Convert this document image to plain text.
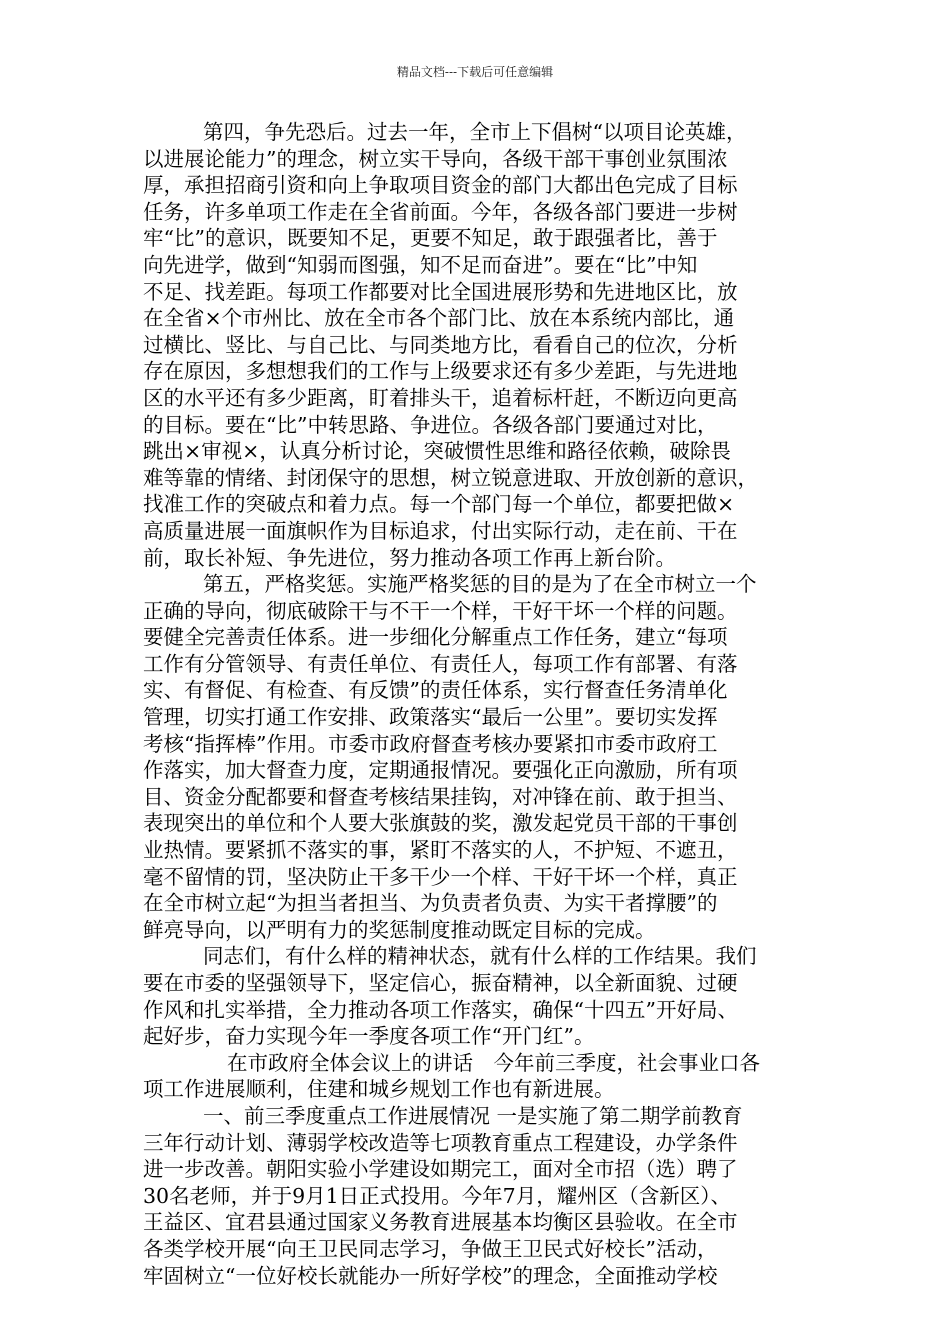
精品文档---下载后可任意编辑
第四，争先恐后。过去一年，全市上下倡树“以项目论英雄，
以进展论能力”的理念，树立实干导向，各级干部干事创业氛围浓
厚，承担招商引资和向上争取项目资金的部门大都出色完成了目标
任务，许多单项工作走在全省前面。今年，各级各部门要进一步树
牢“比”的意识，既要知不足，更要不知足，敢于跟强者比，善于
向先进学，做到“知弱而图强，知不足而奋进”。要在“比”中知
不足、找差距。每项工作都要对比全国进展形势和先进地区比，放
在全省×个市州比、放在全市各个部门比、放在本系统内部比，通
过横比、竖比、与自己比、与同类地方比，看看自己的位次，分析
存在原因，多想想我们的工作与上级要求还有多少差距，与先进地
区的水平还有多少距离，盯着排头干，追着标杆赶，不断迈向更高
的目标。要在“比”中转思路、争进位。各级各部门要通过对比，
跳出×审视×，认真分析讨论，突破惯性思维和路径依赖，破除畏
难等靠的情绪、封闭保守的思想，树立锐意进取、开放创新的意识，
找准工作的突破点和着力点。每一个部门每一个单位，都要把做×
高质量进展一面旗帜作为目标追求，付出实际行动，走在前、干在
前，取长补短、争先进位，努力推动各项工作再上新台阶。
第五，严格奖惩。实施严格奖惩的目的是为了在全市树立一个
正确的导向，彻底破除干与不干一个样，干好干坏一个样的问题。
要健全完善责任体系。进一步细化分解重点工作任务，建立“每项
工作有分管领导、有责任单位、有责任人，每项工作有部署、有落
实、有督促、有检查、有反馈”的责任体系，实行督查任务清单化
管理，切实打通工作安排、政策落实“最后一公里”。要切实发挥
考核“指挥棒”作用。市委市政府督查考核办要紧扣市委市政府工
作落实，加大督查力度，定期通报情况。要强化正向激励，所有项
目、资金分配都要和督查考核结果挂钩，对冲锋在前、敢于担当、
表现突出的单位和个人要大张旗鼓的奖，激发起党员干部的干事创
业热情。要紧抓不落实的事，紧盯不落实的人，不护短、不遮丑，
毫不留情的罚，坚决防止干多干少一个样、干好干坏一个样，真正
在全市树立起“为担当者担当、为负责者负责、为实干者撑腰”的
鲜亮导向，以严明有力的奖惩制度推动既定目标的完成。
同志们，有什么样的精神状态，就有什么样的工作结果。我们
要在市委的坚强领导下，坚定信心，振奋精神，以全新面貌、过硬
作风和扎实举措，全力推动各项工作落实，确保“十四五”开好局、
起好步，奋力实现今年一季度各项工作“开门红”。
在市政府全体会议上的讲话　今年前三季度，社会事业口各
项工作进展顺利，住建和城乡规划工作也有新进展。
一、前三季度重点工作进展情况 一是实施了第二期学前教育
三年行动计划、薄弱学校改造等七项教育重点工程建设，办学条件
进一步改善。朝阳实验小学建设如期完工，面对全市招（选）聘了
30名老师，并于9月1日正式投用。今年7月，耀州区（含新区）、
王益区、宜君县通过国家义务教育进展基本均衡区县验收。在全市
各类学校开展“向王卫民同志学习，争做王卫民式好校长”活动，
牢固树立“一位好校长就能办一所好学校”的理念，全面推动学校
